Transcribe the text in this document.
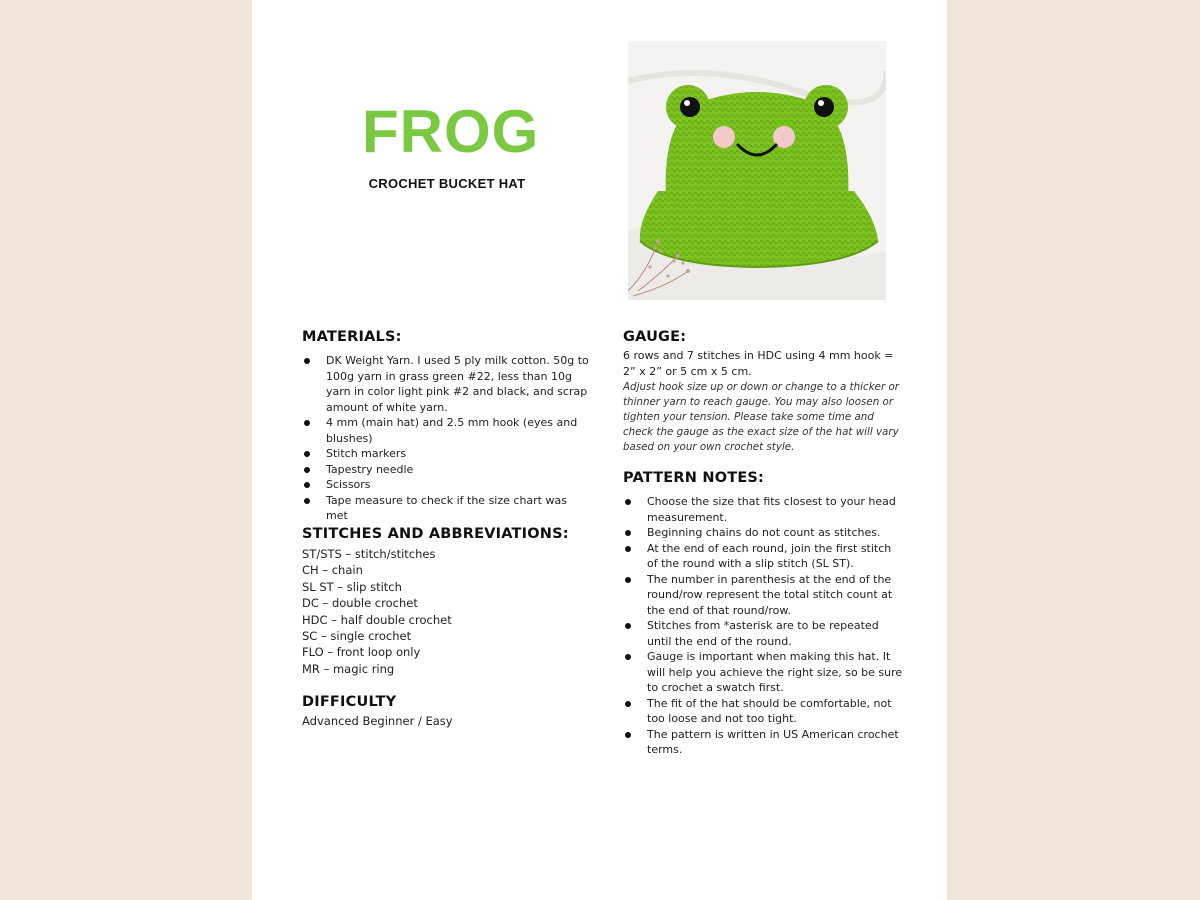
FROG
CROCHET BUCKET HAT
MATERIALS:
DK Weight Yarn. I used 5 ply milk cotton. 50g to 100g yarn in grass green #22, less than 10g yarn in color light pink #2 and black, and scrap amount of white yarn.
4 mm (main hat) and 2.5 mm hook (eyes and blushes)
Stitch markers
Tapestry needle
Scissors
Tape measure to check if the size chart was met
STITCHES AND ABBREVIATIONS:
ST/STS – stitch/stitches
CH – chain
SL ST – slip stitch
DC – double crochet
HDC – half double crochet
SC – single crochet
FLO – front loop only
MR – magic ring
DIFFICULTY
Advanced Beginner / Easy
GAUGE:
6 rows and 7 stitches in HDC using 4 mm hook =
2” x 2” or 5 cm x 5 cm.
Adjust hook size up or down or change to a thicker or thinner yarn to reach gauge. You may also loosen or tighten your tension. Please take some time and check the gauge as the exact size of the hat will vary based on your own crochet style.
PATTERN NOTES:
Choose the size that fits closest to your head measurement.
Beginning chains do not count as stitches.
At the end of each round, join the first stitch of the round with a slip stitch (SL ST).
The number in parenthesis at the end of the round/row represent the total stitch count at the end of that round/row.
Stitches from *asterisk are to be repeated until the end of the round.
Gauge is important when making this hat. It will help you achieve the right size, so be sure to crochet a swatch first.
The fit of the hat should be comfortable, not too loose and not too tight.
The pattern is written in US American crochet terms.
